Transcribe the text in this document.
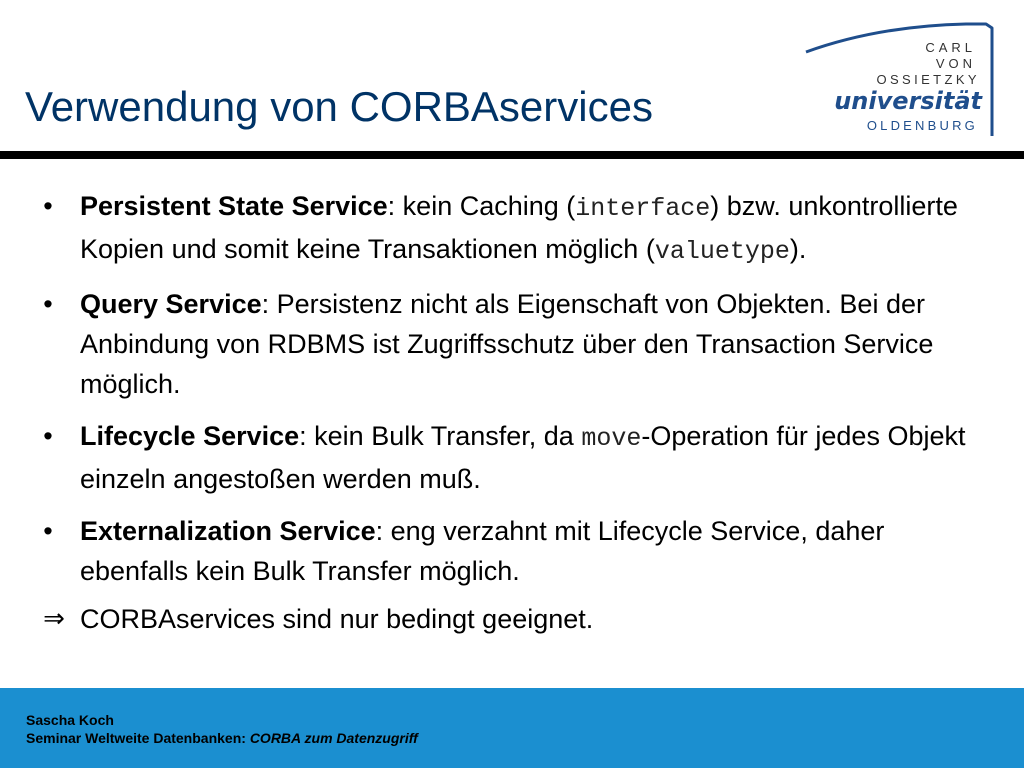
Verwendung von CORBAservices
CARL
VON
OSSIETZKY
universität
OLDENBURG
• Persistent State Service: kein Caching (interface) bzw. unkontrollierte Kopien und somit keine Transaktionen möglich (valuetype).
• Query Service: Persistenz nicht als Eigenschaft von Objekten. Bei der Anbindung von RDBMS ist Zugriffsschutz über den Transaction Service möglich.
• Lifecycle Service: kein Bulk Transfer, da move-Operation für jedes Objekt einzeln angestoßen werden muß.
• Externalization Service: eng verzahnt mit Lifecycle Service, daher ebenfalls kein Bulk Transfer möglich.
⇒ CORBAservices sind nur bedingt geeignet.
Sascha Koch
Seminar Weltweite Datenbanken: CORBA zum Datenzugriff
